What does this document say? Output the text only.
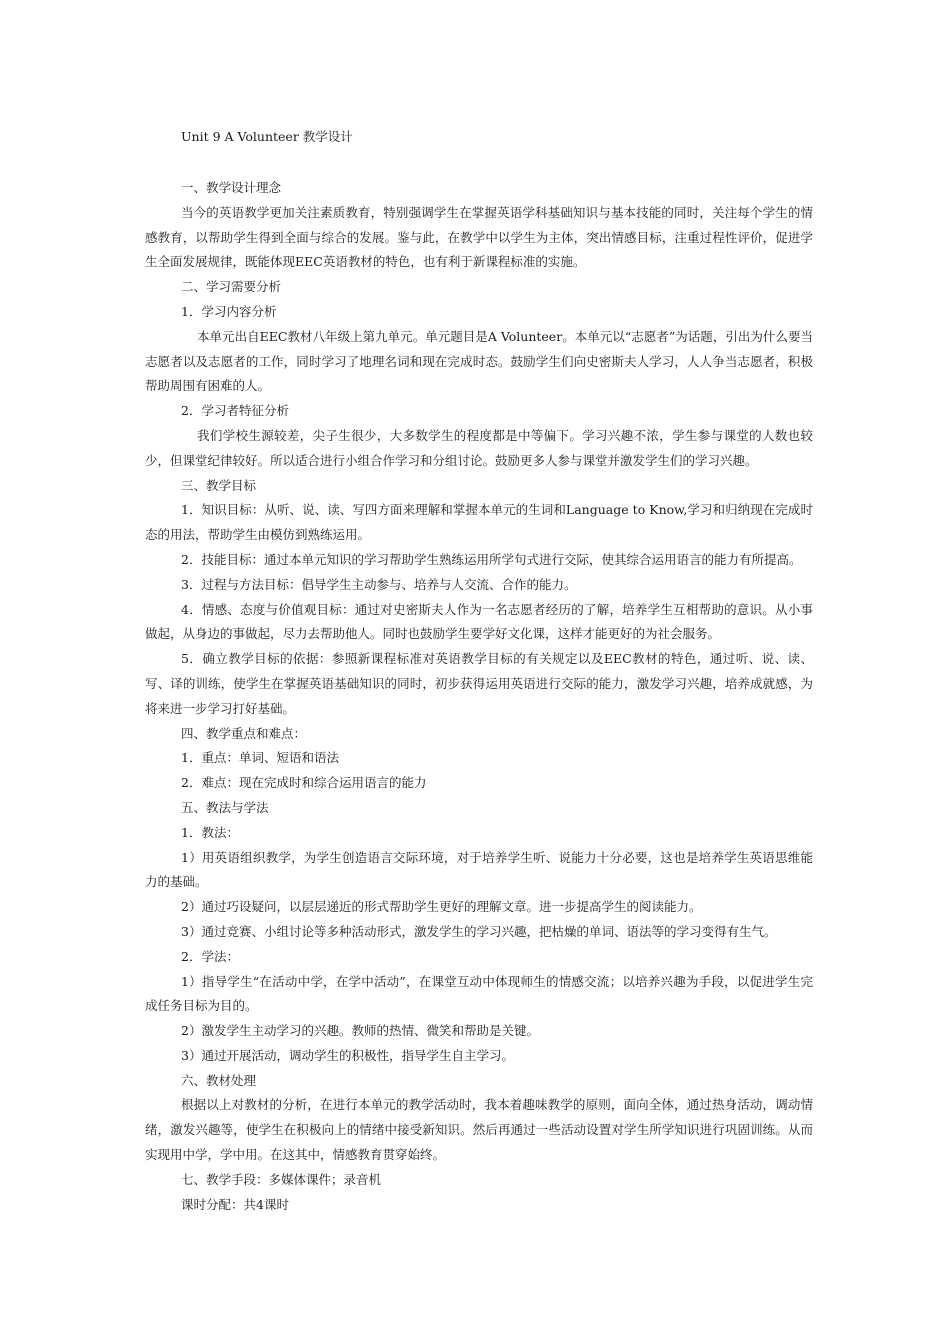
Unit 9 A Volunteer 教学设计

一、教学设计理念

当今的英语教学更加关注素质教育，特别强调学生在掌握英语学科基础知识与基本技能的同时，关注每个学生的情感教育，以帮助学生得到全面与综合的发展。鉴与此，在教学中以学生为主体，突出情感目标，注重过程性评价，促进学生全面发展规律，既能体现EEC英语教材的特色，也有利于新课程标准的实施。

二、学习需要分析

1．学习内容分析

本单元出自EEC教材八年级上第九单元。单元题目是A Volunteer。本单元以“志愿者”为话题，引出为什么要当志愿者以及志愿者的工作，同时学习了地理名词和现在完成时态。鼓励学生们向史密斯夫人学习，人人争当志愿者，积极帮助周围有困难的人。

2．学习者特征分析

我们学校生源较差，尖子生很少，大多数学生的程度都是中等偏下。学习兴趣不浓，学生参与课堂的人数也较少，但课堂纪律较好。所以适合进行小组合作学习和分组讨论。鼓励更多人参与课堂并激发学生们的学习兴趣。

三、教学目标

1．知识目标：从听、说、读、写四方面来理解和掌握本单元的生词和Language to Know,学习和归纳现在完成时态的用法，帮助学生由模仿到熟练运用。

2．技能目标：通过本单元知识的学习帮助学生熟练运用所学句式进行交际，使其综合运用语言的能力有所提高。

3．过程与方法目标：倡导学生主动参与、培养与人交流、合作的能力。

4．情感、态度与价值观目标：通过对史密斯夫人作为一名志愿者经历的了解，培养学生互相帮助的意识。从小事做起，从身边的事做起，尽力去帮助他人。同时也鼓励学生要学好文化课，这样才能更好的为社会服务。

5．确立教学目标的依据：参照新课程标准对英语教学目标的有关规定以及EEC教材的特色，通过听、说、读、写、译的训练，使学生在掌握英语基础知识的同时，初步获得运用英语进行交际的能力，激发学习兴趣，培养成就感，为将来进一步学习打好基础。

四、教学重点和难点：

1．重点：单词、短语和语法

2．难点：现在完成时和综合运用语言的能力

五、教法与学法

1．教法：

1）用英语组织教学，为学生创造语言交际环境，对于培养学生听、说能力十分必要，这也是培养学生英语思维能力的基础。

2）通过巧设疑问，以层层递近的形式帮助学生更好的理解文章。进一步提高学生的阅读能力。

3）通过竞赛、小组讨论等多种活动形式，激发学生的学习兴趣，把枯燥的单词、语法等的学习变得有生气。

2．学法：

1）指导学生“在活动中学，在学中活动”，在课堂互动中体现师生的情感交流；以培养兴趣为手段，以促进学生完成任务目标为目的。

2）激发学生主动学习的兴趣。教师的热情、微笑和帮助是关键。

3）通过开展活动，调动学生的积极性，指导学生自主学习。

六、教材处理

根据以上对教材的分析，在进行本单元的教学活动时，我本着趣味教学的原则，面向全体，通过热身活动，调动情绪，激发兴趣等，使学生在积极向上的情绪中接受新知识。然后再通过一些活动设置对学生所学知识进行巩固训练。从而实现用中学，学中用。在这其中，情感教育贯穿始终。

七、教学手段：多媒体课件；录音机

课时分配：共4课时
